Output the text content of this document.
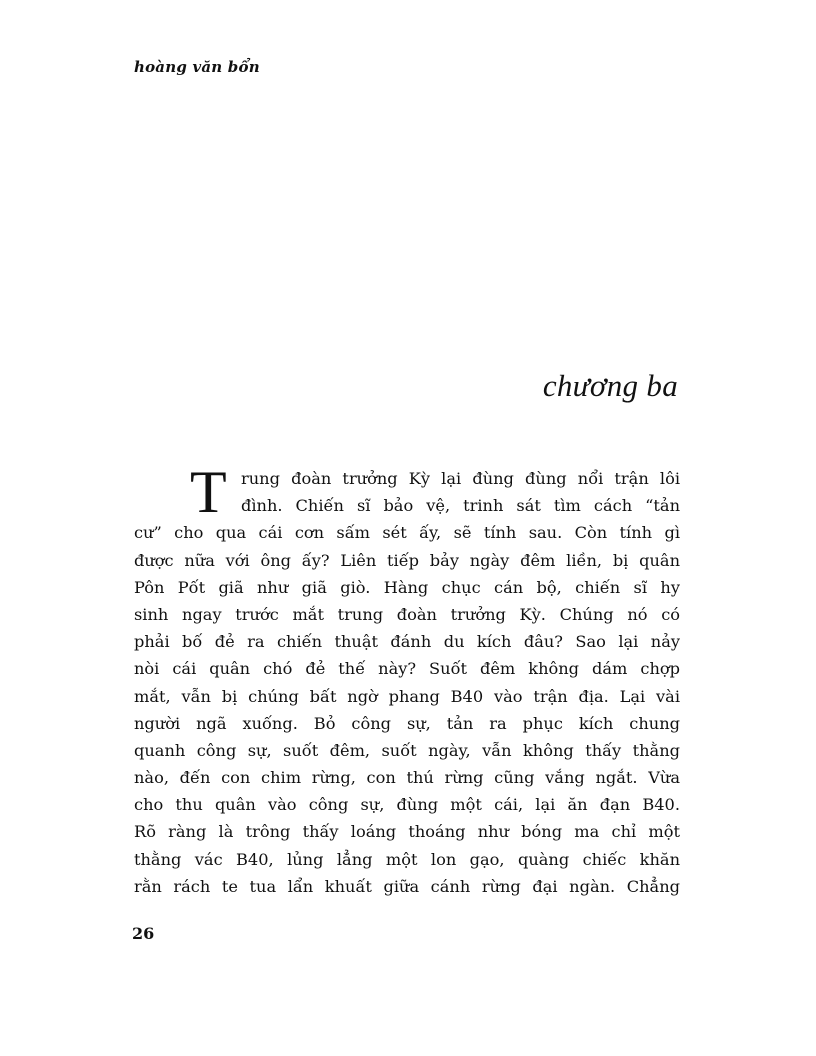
hoàng văn bổn
chương ba
T rung đoàn trưởng Kỳ lại đùng đùng nổi trận lôi
đình. Chiến sĩ bảo vệ, trinh sát tìm cách “tản
cư” cho qua cái cơn sấm sét ấy, sẽ tính sau. Còn tính gì
được nữa với ông ấy? Liên tiếp bảy ngày đêm liền, bị quân
Pôn Pốt giã như giã giò. Hàng chục cán bộ, chiến sĩ hy
sinh ngay trước mắt trung đoàn trưởng Kỳ. Chúng nó có
phải bố đẻ ra chiến thuật đánh du kích đâu? Sao lại nảy
nòi cái quân chó đẻ thế này? Suốt đêm không dám chợp
mắt, vẫn bị chúng bất ngờ phang B40 vào trận địa. Lại vài
người ngã xuống. Bỏ công sự, tản ra phục kích chung
quanh công sự, suốt đêm, suốt ngày, vẫn không thấy thằng
nào, đến con chim rừng, con thú rừng cũng vắng ngắt. Vừa
cho thu quân vào công sự, đùng một cái, lại ăn đạn B40.
Rõ ràng là trông thấy loáng thoáng như bóng ma chỉ một
thằng vác B40, lủng lẳng một lon gạo, quàng chiếc khăn
rằn rách te tua lẩn khuất giữa cánh rừng đại ngàn. Chẳng
26
